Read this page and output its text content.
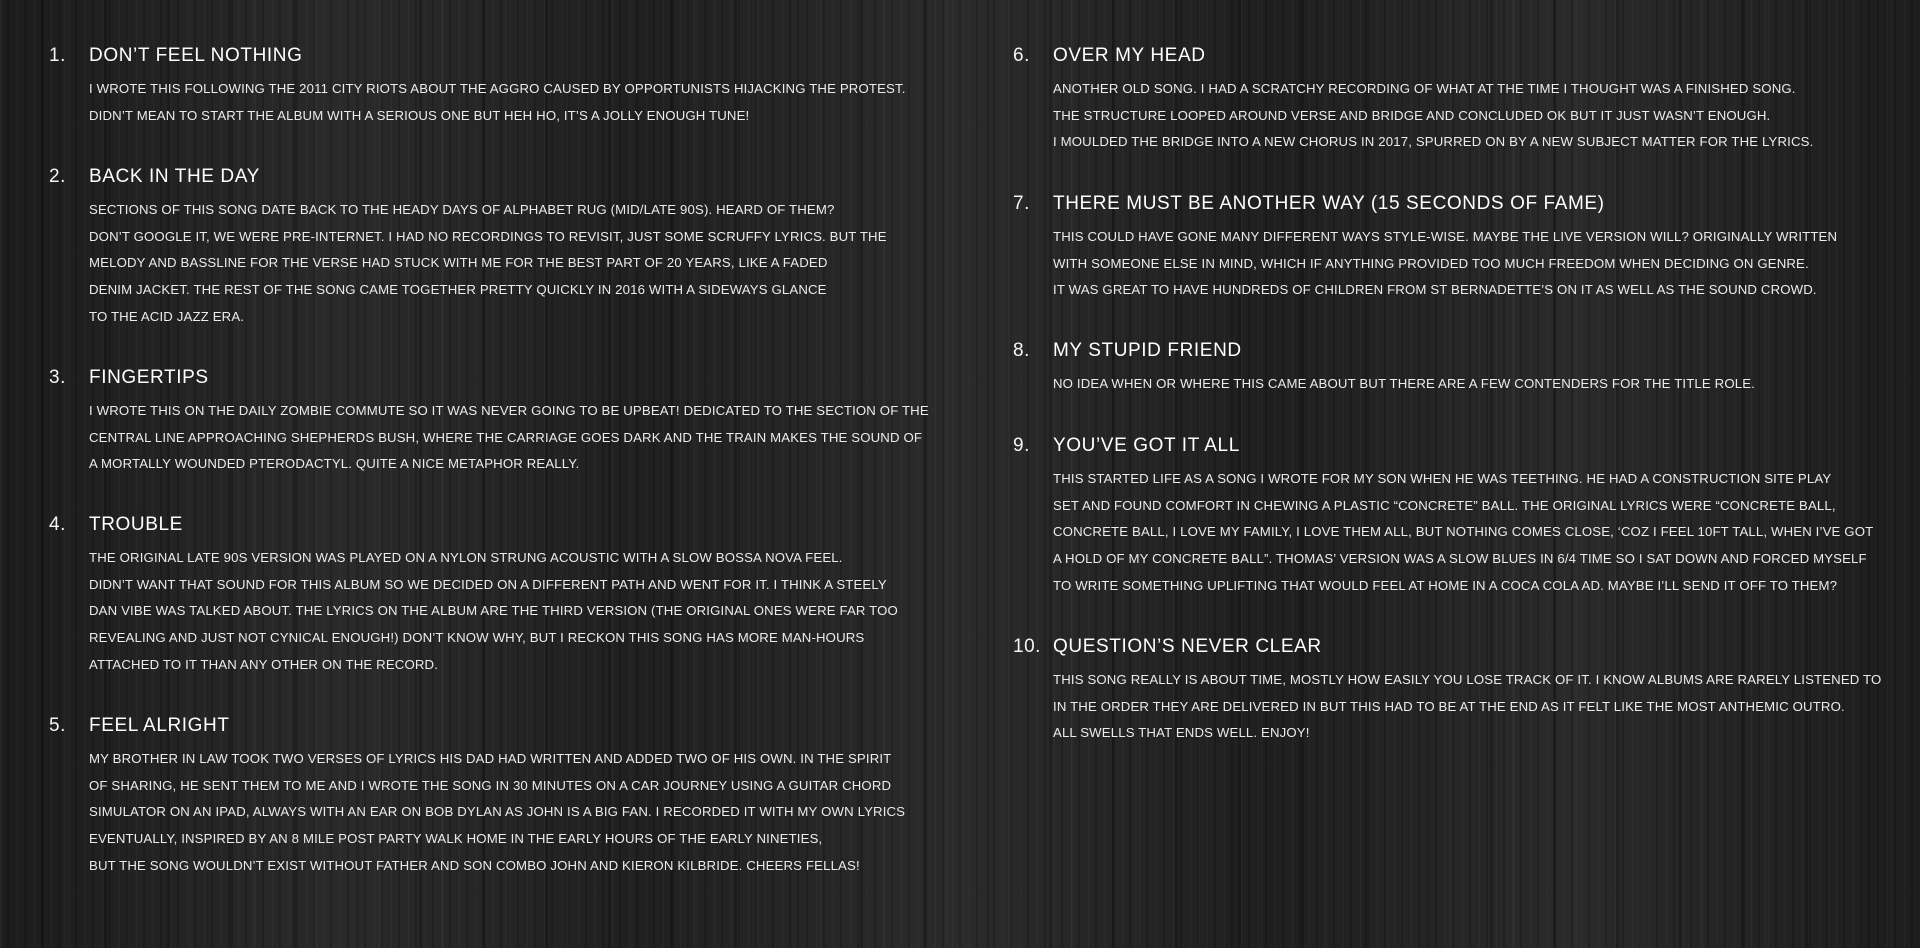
1. DON’T FEEL NOTHING
I WROTE THIS FOLLOWING THE 2011 CITY RIOTS ABOUT THE AGGRO CAUSED BY OPPORTUNISTS HIJACKING THE PROTEST.
DIDN’T MEAN TO START THE ALBUM WITH A SERIOUS ONE BUT HEH HO, IT’S A JOLLY ENOUGH TUNE!
2. BACK IN THE DAY
SECTIONS OF THIS SONG DATE BACK TO THE HEADY DAYS OF ALPHABET RUG (MID/LATE 90S). HEARD OF THEM?
DON’T GOOGLE IT, WE WERE PRE-INTERNET. I HAD NO RECORDINGS TO REVISIT, JUST SOME SCRUFFY LYRICS. BUT THE
MELODY AND BASSLINE FOR THE VERSE HAD STUCK WITH ME FOR THE BEST PART OF 20 YEARS, LIKE A FADED
DENIM JACKET. THE REST OF THE SONG CAME TOGETHER PRETTY QUICKLY IN 2016 WITH A SIDEWAYS GLANCE
TO THE ACID JAZZ ERA.
3. FINGERTIPS
I WROTE THIS ON THE DAILY ZOMBIE COMMUTE SO IT WAS NEVER GOING TO BE UPBEAT! DEDICATED TO THE SECTION OF THE
CENTRAL LINE APPROACHING SHEPHERDS BUSH, WHERE THE CARRIAGE GOES DARK AND THE TRAIN MAKES THE SOUND OF
A MORTALLY WOUNDED PTERODACTYL. QUITE A NICE METAPHOR REALLY.
4. TROUBLE
THE ORIGINAL LATE 90S VERSION WAS PLAYED ON A NYLON STRUNG ACOUSTIC WITH A SLOW BOSSA NOVA FEEL.
DIDN’T WANT THAT SOUND FOR THIS ALBUM SO WE DECIDED ON A DIFFERENT PATH AND WENT FOR IT. I THINK A STEELY
DAN VIBE WAS TALKED ABOUT. THE LYRICS ON THE ALBUM ARE THE THIRD VERSION (THE ORIGINAL ONES WERE FAR TOO
REVEALING AND JUST NOT CYNICAL ENOUGH!) DON’T KNOW WHY, BUT I RECKON THIS SONG HAS MORE MAN-HOURS
ATTACHED TO IT THAN ANY OTHER ON THE RECORD.
5. FEEL ALRIGHT
MY BROTHER IN LAW TOOK TWO VERSES OF LYRICS HIS DAD HAD WRITTEN AND ADDED TWO OF HIS OWN. IN THE SPIRIT
OF SHARING, HE SENT THEM TO ME AND I WROTE THE SONG IN 30 MINUTES ON A CAR JOURNEY USING A GUITAR CHORD
SIMULATOR ON AN IPAD, ALWAYS WITH AN EAR ON BOB DYLAN AS JOHN IS A BIG FAN. I RECORDED IT WITH MY OWN LYRICS
EVENTUALLY, INSPIRED BY AN 8 MILE POST PARTY WALK HOME IN THE EARLY HOURS OF THE EARLY NINETIES,
BUT THE SONG WOULDN’T EXIST WITHOUT FATHER AND SON COMBO JOHN AND KIERON KILBRIDE. CHEERS FELLAS!
6. OVER MY HEAD
ANOTHER OLD SONG. I HAD A SCRATCHY RECORDING OF WHAT AT THE TIME I THOUGHT WAS A FINISHED SONG.
THE STRUCTURE LOOPED AROUND VERSE AND BRIDGE AND CONCLUDED OK BUT IT JUST WASN’T ENOUGH.
I MOULDED THE BRIDGE INTO A NEW CHORUS IN 2017, SPURRED ON BY A NEW SUBJECT MATTER FOR THE LYRICS.
7. THERE MUST BE ANOTHER WAY (15 SECONDS OF FAME)
THIS COULD HAVE GONE MANY DIFFERENT WAYS STYLE-WISE. MAYBE THE LIVE VERSION WILL? ORIGINALLY WRITTEN
WITH SOMEONE ELSE IN MIND, WHICH IF ANYTHING PROVIDED TOO MUCH FREEDOM WHEN DECIDING ON GENRE.
IT WAS GREAT TO HAVE HUNDREDS OF CHILDREN FROM ST BERNADETTE’S ON IT AS WELL AS THE SOUND CROWD.
8. MY STUPID FRIEND
NO IDEA WHEN OR WHERE THIS CAME ABOUT BUT THERE ARE A FEW CONTENDERS FOR THE TITLE ROLE.
9. YOU’VE GOT IT ALL
THIS STARTED LIFE AS A SONG I WROTE FOR MY SON WHEN HE WAS TEETHING. HE HAD A CONSTRUCTION SITE PLAY
SET AND FOUND COMFORT IN CHEWING A PLASTIC “CONCRETE” BALL. THE ORIGINAL LYRICS WERE “CONCRETE BALL,
CONCRETE BALL, I LOVE MY FAMILY, I LOVE THEM ALL, BUT NOTHING COMES CLOSE, ‘COZ I FEEL 10FT TALL, WHEN I’VE GOT
A HOLD OF MY CONCRETE BALL”. THOMAS’ VERSION WAS A SLOW BLUES IN 6/4 TIME SO I SAT DOWN AND FORCED MYSELF
TO WRITE SOMETHING UPLIFTING THAT WOULD FEEL AT HOME IN A COCA COLA AD. MAYBE I’LL SEND IT OFF TO THEM?
10. QUESTION’S NEVER CLEAR
THIS SONG REALLY IS ABOUT TIME, MOSTLY HOW EASILY YOU LOSE TRACK OF IT. I KNOW ALBUMS ARE RARELY LISTENED TO
IN THE ORDER THEY ARE DELIVERED IN BUT THIS HAD TO BE AT THE END AS IT FELT LIKE THE MOST ANTHEMIC OUTRO.
ALL SWELLS THAT ENDS WELL. ENJOY!
